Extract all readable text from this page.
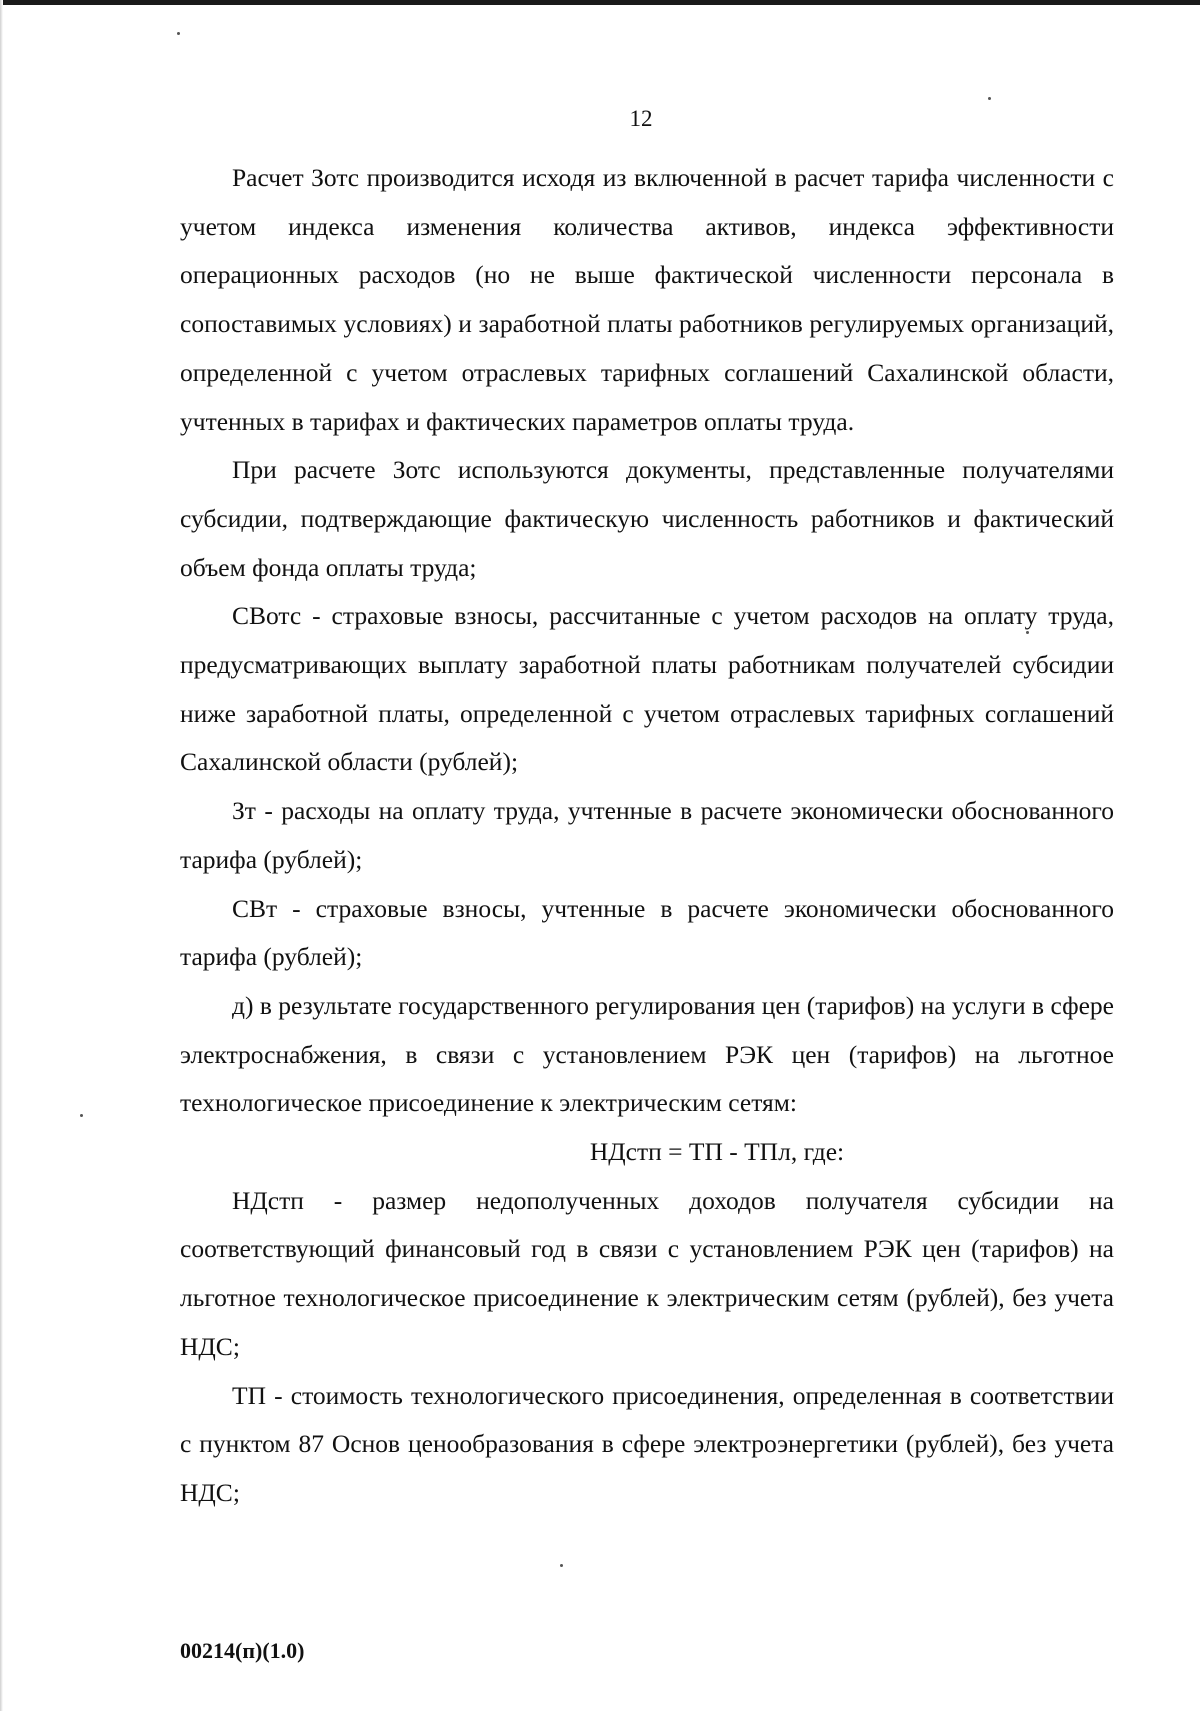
12

Расчет Зотс производится исходя из включенной в расчет тарифа численности с учетом индекса изменения количества активов, индекса эффективности операционных расходов (но не выше фактической численности персонала в сопоставимых условиях) и заработной платы работников регулируемых организаций, определенной с учетом отраслевых тарифных соглашений Сахалинской области, учтенных в тарифах и фактических параметров оплаты труда.

При расчете Зотс используются документы, представленные получателями субсидии, подтверждающие фактическую численность работников и фактический объем фонда оплаты труда;

СВотс - страховые взносы, рассчитанные с учетом расходов на оплату труда, предусматривающих выплату заработной платы работникам получателей субсидии ниже заработной платы, определенной с учетом отраслевых тарифных соглашений Сахалинской области (рублей);

Зт - расходы на оплату труда, учтенные в расчете экономически обоснованного тарифа (рублей);

СВт - страховые взносы, учтенные в расчете экономически обоснованного тарифа (рублей);

д) в результате государственного регулирования цен (тарифов) на услуги в сфере электроснабжения, в связи с установлением РЭК цен (тарифов) на льготное технологическое присоединение к электрическим сетям:

НДстп = ТП - ТПл, где:

НДстп - размер недополученных доходов получателя субсидии на соответствующий финансовый год в связи с установлением РЭК цен (тарифов) на льготное технологическое присоединение к электрическим сетям (рублей), без учета НДС;

ТП - стоимость технологического присоединения, определенная в соответствии с пунктом 87 Основ ценообразования в сфере электроэнергетики (рублей), без учета НДС;

00214(п)(1.0)
